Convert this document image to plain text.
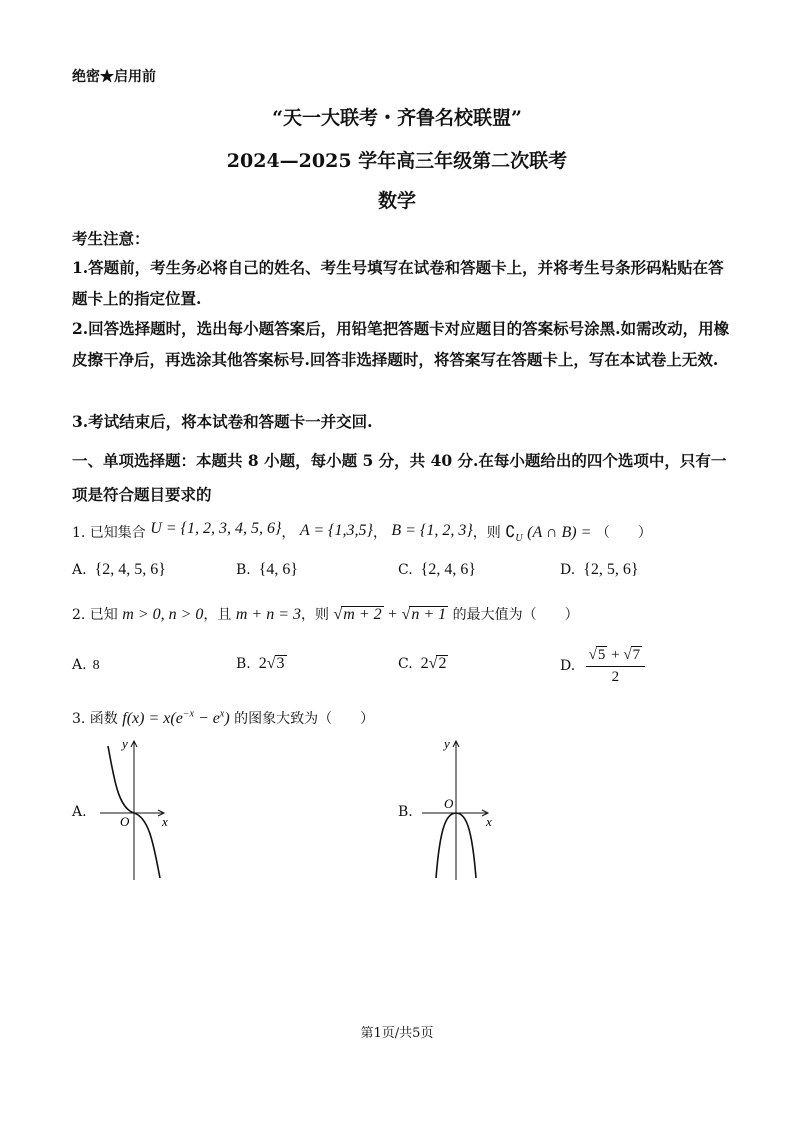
绝密★启用前
“天一大联考・齐鲁名校联盟”
2024—2025 学年高三年级第二次联考
数学
考生注意：
1.答题前，考生务必将自己的姓名、考生号填写在试卷和答题卡上，并将考生号条形码粘贴在答题卡上的指定位置.
2.回答选择题时，选出每小题答案后，用铅笔把答题卡对应题目的答案标号涂黑.如需改动，用橡皮擦干净后，再选涂其他答案标号.回答非选择题时，将答案写在答题卡上，写在本试卷上无效.
3.考试结束后，将本试卷和答题卡一并交回.
一、单项选择题：本题共 8 小题，每小题 5 分，共 40 分.在每小题给出的四个选项中，只有一项是符合题目要求的
1. 已知集合 U = {1, 2, 3, 4, 5, 6}， A = {1,3,5}， B = {1, 2, 3}，则 $∁_U$ (A ∩ B) = （　　）
A. {2, 4, 5, 6}	B. {4, 6}	C. {2, 4, 6}	D. {2, 5, 6}
2. 已知 m > 0, n > 0，且 m + n = 3，则 √m + 2 + √n + 1 的最大值为（　　）
A. 8	B. 2√3	C. 2√2	D. $\frac{√5 + √7}{2}$
3. 函数 $f(x) = x(e^{-x} - e^x)$ 的图象大致为（　　）
A.
y
x
O
B.
y
x
O
第1页/共5页
